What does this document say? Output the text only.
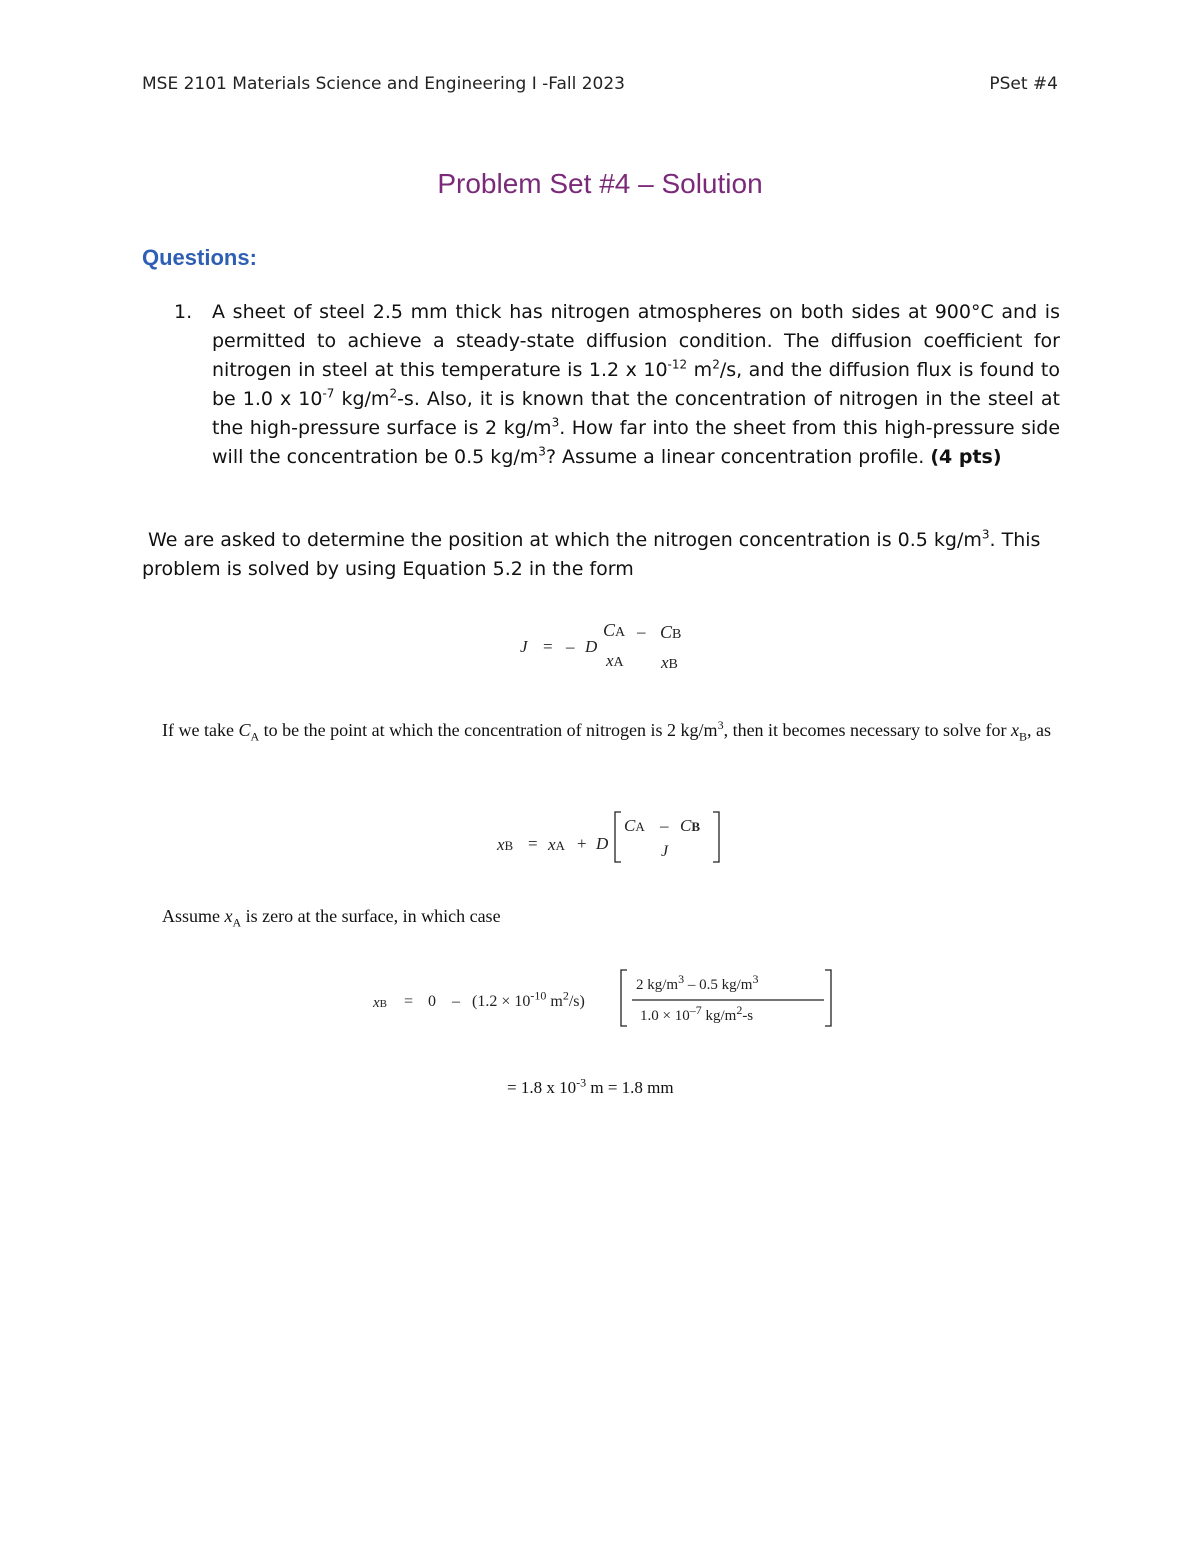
MSE 2101 Materials Science and Engineering I -Fall 2023	PSet #4
Problem Set #4 – Solution
Questions:
1. A sheet of steel 2.5 mm thick has nitrogen atmospheres on both sides at 900°C and is permitted to achieve a steady-state diffusion condition. The diffusion coefficient for nitrogen in steel at this temperature is 1.2 x $10^{-12}$ $m^2/s$, and the diffusion flux is found to be 1.0 x $10^{-7}$ $kg/m^2-s$. Also, it is known that the concentration of nitrogen in the steel at the high-pressure surface is 2 $kg/m^3$. How far into the sheet from this high-pressure side will the concentration be 0.5 $kg/m^3$? Assume a linear concentration profile. (4 pts)
We are asked to determine the position at which the nitrogen concentration is 0.5 $kg/m^3$. This problem is solved by using Equation 5.2 in the form
J = – D
CA – CB
xA xB
If we take $C_A$ to be the point at which the concentration of nitrogen is 2 $kg/m^3$, then it becomes necessary to solve for $x_B$, as
xB = xA + D
CA – CB
J
Assume $x_A$ is zero at the surface, in which case
xB = $0 - (1.2 \times 10^{-10}$ $m^2/s$)
2 $kg/m^3 - 0.5$ $kg/m^3$
$1.0 \times 10^{-7}$ $kg/m^2-s$
= 1.8 x $10^{-3}$ m = 1.8 mm
